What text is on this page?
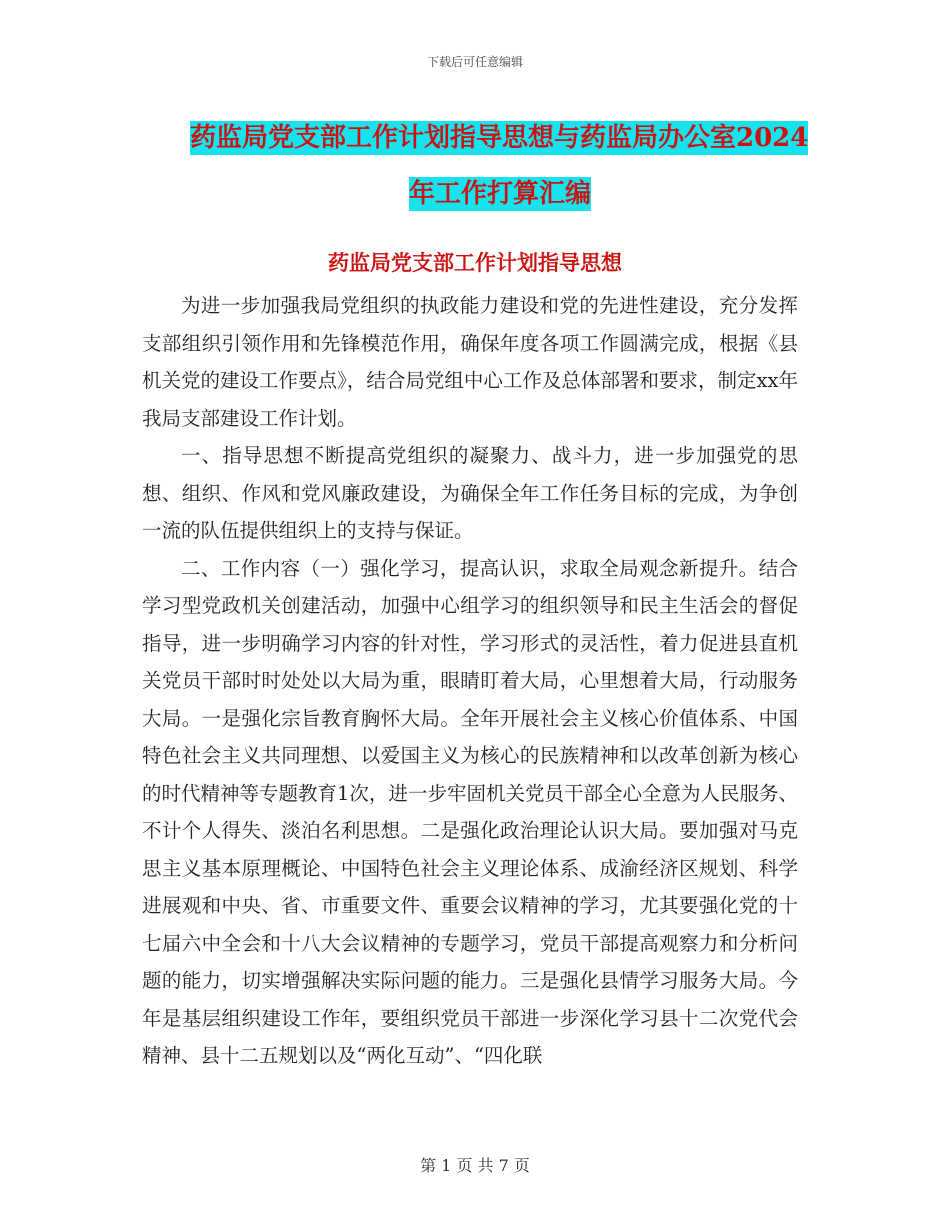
下载后可任意编辑
药监局党支部工作计划指导思想与药监局办公室2024
年工作打算汇编
药监局党支部工作计划指导思想

为进一步加强我局党组织的执政能力建设和党的先进性建设，充分发挥支部组织引领作用和先锋模范作用，确保年度各项工作圆满完成，根据《县机关党的建设工作要点》，结合局党组中心工作及总体部署和要求，制定xx年我局支部建设工作计划。

一、指导思想不断提高党组织的凝聚力、战斗力，进一步加强党的思想、组织、作风和党风廉政建设，为确保全年工作任务目标的完成，为争创一流的队伍提供组织上的支持与保证。

二、工作内容（一）强化学习，提高认识，求取全局观念新提升。结合学习型党政机关创建活动，加强中心组学习的组织领导和民主生活会的督促指导，进一步明确学习内容的针对性，学习形式的灵活性，着力促进县直机关党员干部时时处处以大局为重，眼睛盯着大局，心里想着大局，行动服务大局。一是强化宗旨教育胸怀大局。全年开展社会主义核心价值体系、中国特色社会主义共同理想、以爱国主义为核心的民族精神和以改革创新为核心的时代精神等专题教育1次，进一步牢固机关党员干部全心全意为人民服务、不计个人得失、淡泊名利思想。二是强化政治理论认识大局。要加强对马克思主义基本原理概论、中国特色社会主义理论体系、成渝经济区规划、科学进展观和中央、省、市重要文件、重要会议精神的学习，尤其要强化党的十七届六中全会和十八大会议精神的专题学习，党员干部提高观察力和分析问题的能力，切实增强解决实际问题的能力。三是强化县情学习服务大局。今年是基层组织建设工作年，要组织党员干部进一步深化学习县十二次党代会精神、县十二五规划以及“两化互动”、“四化联

第 1 页 共 7 页
